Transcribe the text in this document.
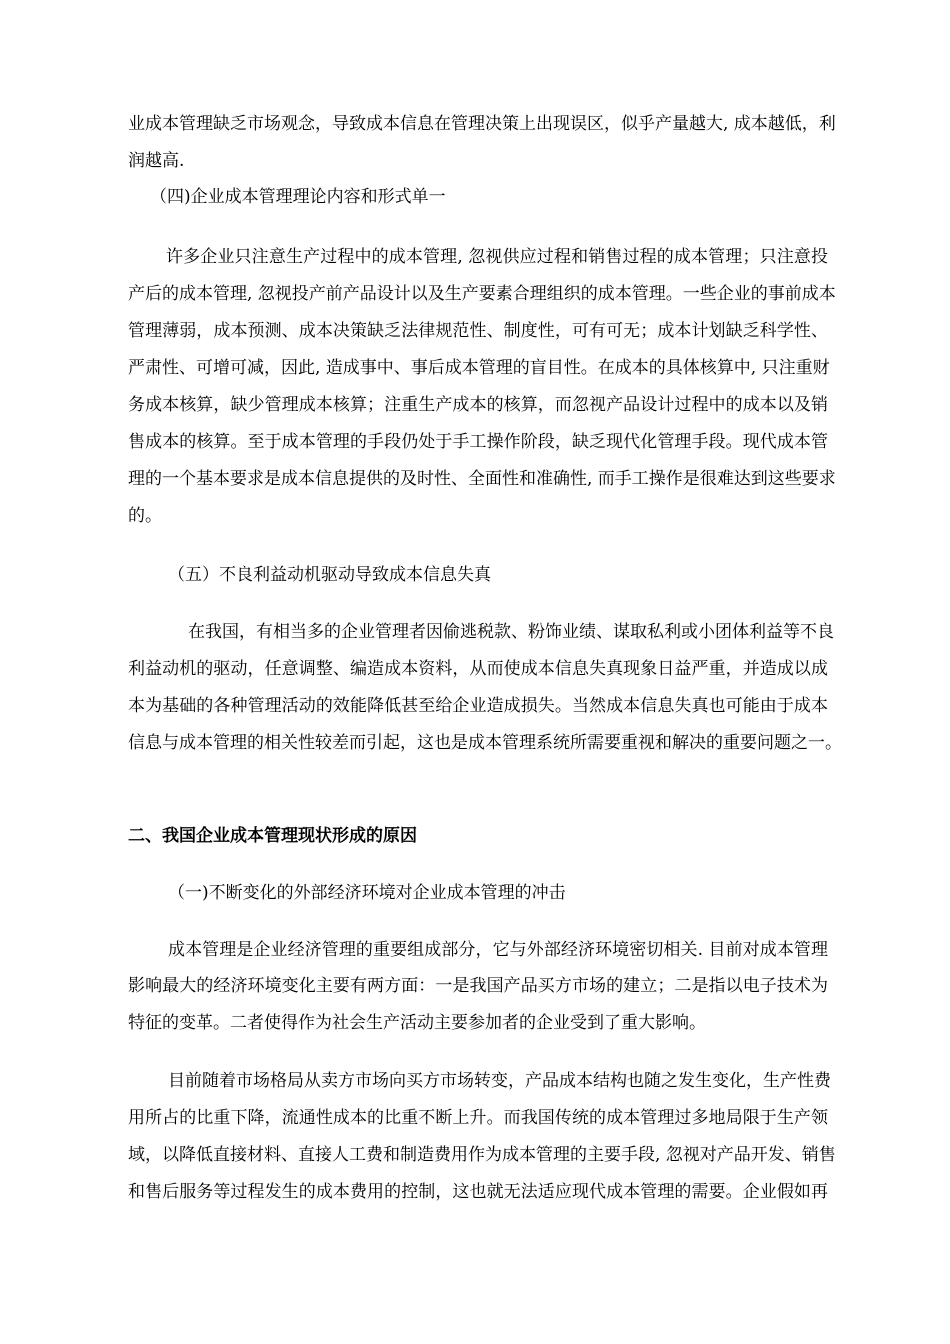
业成本管理缺乏市场观念，导致成本信息在管理决策上出现误区，似乎产量越大, 成本越低，利
润越高.
（四)企业成本管理理论内容和形式单一
许多企业只注意生产过程中的成本管理, 忽视供应过程和销售过程的成本管理；只注意投
产后的成本管理, 忽视投产前产品设计以及生产要素合理组织的成本管理。一些企业的事前成本
管理薄弱，成本预测、成本决策缺乏法律规范性、制度性，可有可无；成本计划缺乏科学性、
严肃性、可增可减，因此, 造成事中、事后成本管理的盲目性。在成本的具体核算中, 只注重财
务成本核算，缺少管理成本核算；注重生产成本的核算，而忽视产品设计过程中的成本以及销
售成本的核算。至于成本管理的手段仍处于手工操作阶段，缺乏现代化管理手段。现代成本管
理的一个基本要求是成本信息提供的及时性、全面性和准确性, 而手工操作是很难达到这些要求
的。
（五）不良利益动机驱动导致成本信息失真
在我国，有相当多的企业管理者因偷逃税款、粉饰业绩、谋取私利或小团体利益等不良
利益动机的驱动，任意调整、编造成本资料，从而使成本信息失真现象日益严重，并造成以成
本为基础的各种管理活动的效能降低甚至给企业造成损失。当然成本信息失真也可能由于成本
信息与成本管理的相关性较差而引起，这也是成本管理系统所需要重视和解决的重要问题之一。
二、我国企业成本管理现状形成的原因
（一)不断变化的外部经济环境对企业成本管理的冲击
成本管理是企业经济管理的重要组成部分，它与外部经济环境密切相关. 目前对成本管理
影响最大的经济环境变化主要有两方面：一是我国产品买方市场的建立；二是指以电子技术为
特征的变革。二者使得作为社会生产活动主要参加者的企业受到了重大影响。
目前随着市场格局从卖方市场向买方市场转变，产品成本结构也随之发生变化，生产性费
用所占的比重下降，流通性成本的比重不断上升。而我国传统的成本管理过多地局限于生产领
域，以降低直接材料、直接人工费和制造费用作为成本管理的主要手段, 忽视对产品开发、销售
和售后服务等过程发生的成本费用的控制，这也就无法适应现代成本管理的需要。企业假如再
